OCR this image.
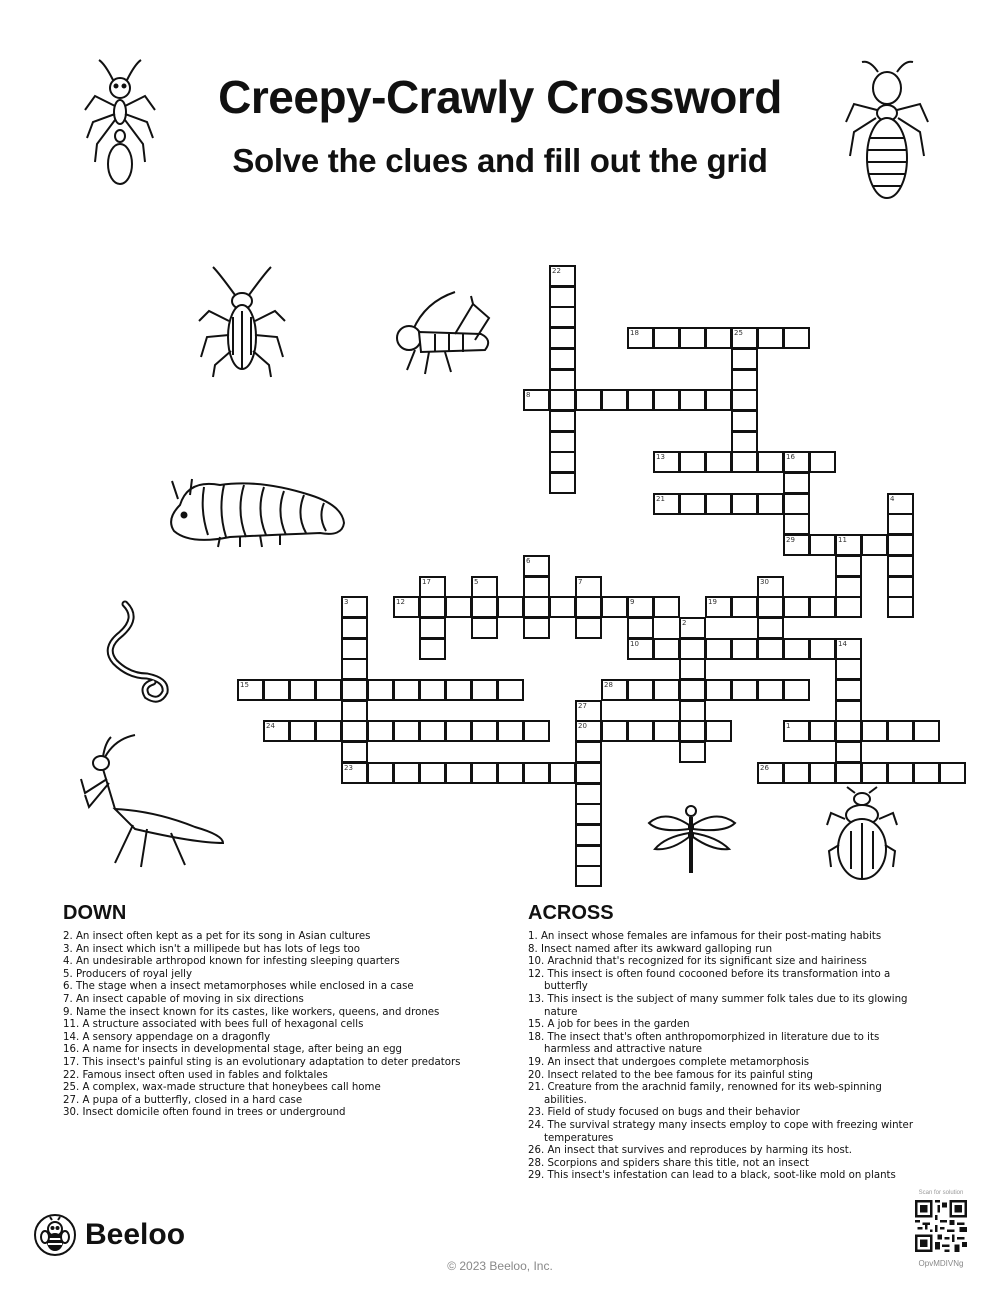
Creepy-Crawly Crossword
Solve the clues and fill out the grid
22
18	25
8
13	16
21	4
29	11
6
17	5	7	30
3	12	9	19
2
10	14
15	28
27
24	20	1
23	26
DOWN
2. An insect often kept as a pet for its song in Asian cultures
3. An insect which isn't a millipede but has lots of legs too
4. An undesirable arthropod known for infesting sleeping quarters
5. Producers of royal jelly
6. The stage when a insect metamorphoses while enclosed in a case
7. An insect capable of moving in six directions
9. Name the insect known for its castes, like workers, queens, and drones
11. A structure associated with bees full of hexagonal cells
14. A sensory appendage on a dragonfly
16. A name for insects in developmental stage, after being an egg
17. This insect's painful sting is an evolutionary adaptation to deter predators
22. Famous insect often used in fables and folktales
25. A complex, wax-made structure that honeybees call home
27. A pupa of a butterfly, closed in a hard case
30. Insect domicile often found in trees or underground
ACROSS
1. An insect whose females are infamous for their post-mating habits
8. Insect named after its awkward galloping run
10. Arachnid that's recognized for its significant size and hairiness
12. This insect is often found cocooned before its transformation into a butterfly
13. This insect is the subject of many summer folk tales due to its glowing nature
15. A job for bees in the garden
18. The insect that's often anthropomorphized in literature due to its harmless and attractive nature
19. An insect that undergoes complete metamorphosis
20. Insect related to the bee famous for its painful sting
21. Creature from the arachnid family, renowned for its web-spinning abilities.
23. Field of study focused on bugs and their behavior
24. The survival strategy many insects employ to cope with freezing winter temperatures
26. An insect that survives and reproduces by harming its host.
28. Scorpions and spiders share this title, not an insect
29. This insect's infestation can lead to a black, soot-like mold on plants
Beeloo
© 2023 Beeloo, Inc.
Scan for solution
OpvMDIVNg
